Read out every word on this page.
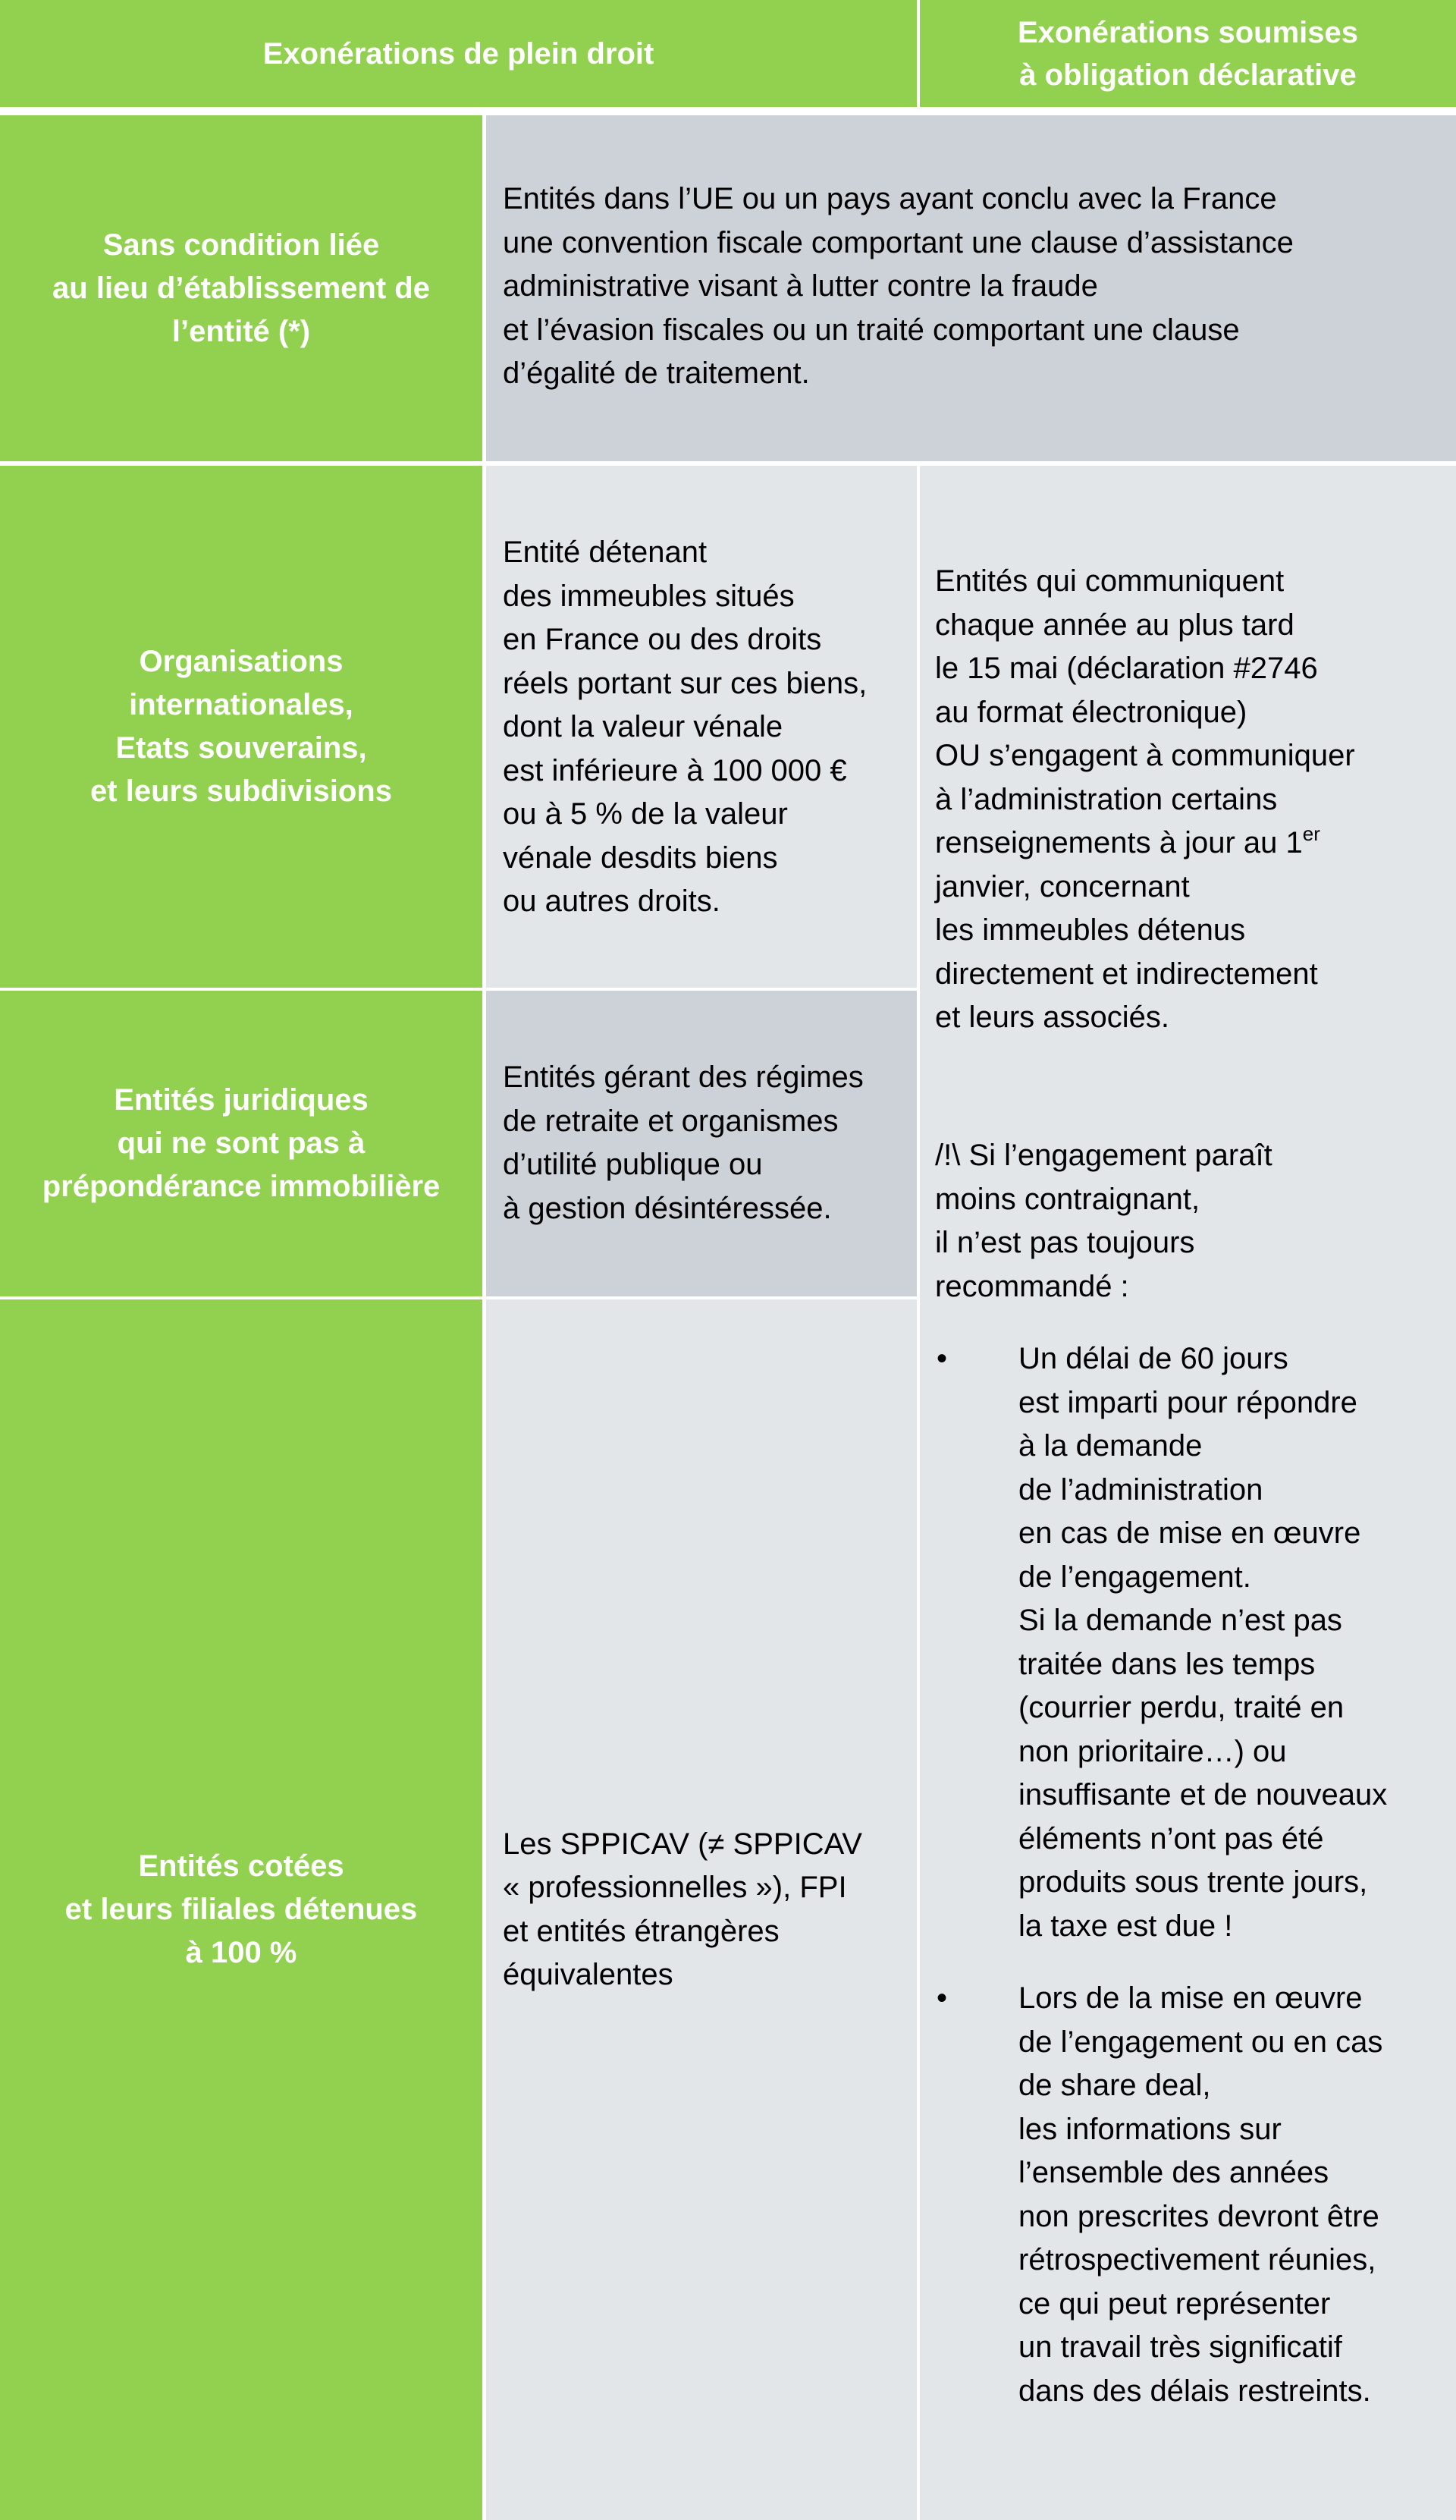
Exonérations de plein droit
Exonérations soumises
à obligation déclarative
Sans condition liée
au lieu d’établissement de
l’entité (*)
Entités dans l’UE ou un pays ayant conclu avec la France
une convention fiscale comportant une clause d’assistance
administrative visant à lutter contre la fraude
et l’évasion fiscales ou un traité comportant une clause
d’égalité de traitement.
Organisations
internationales,
Etats souverains,
et leurs subdivisions
Entité détenant
des immeubles situés
en France ou des droits
réels portant sur ces biens,
dont la valeur vénale
est inférieure à 100 000 €
ou à 5 % de la valeur
vénale desdits biens
ou autres droits.
Entités juridiques
qui ne sont pas à
prépondérance immobilière
Entités gérant des régimes
de retraite et organismes
d’utilité publique ou
à gestion désintéressée.
Entités cotées
et leurs filiales détenues
à 100 %
Les SPPICAV (≠ SPPICAV
« professionnelles »), FPI
et entités étrangères
équivalentes
Entités qui communiquent
chaque année au plus tard
le 15 mai (déclaration #2746
au format électronique)
OU s’engagent à communiquer
à l’administration certains
renseignements à jour au 1er
janvier, concernant
les immeubles détenus
directement et indirectement
et leurs associés.
/!\ Si l’engagement paraît
moins contraignant,
il n’est pas toujours
recommandé :
• Un délai de 60 jours
est imparti pour répondre
à la demande
de l’administration
en cas de mise en œuvre
de l’engagement.
Si la demande n’est pas
traitée dans les temps
(courrier perdu, traité en
non prioritaire…) ou
insuffisante et de nouveaux
éléments n’ont pas été
produits sous trente jours,
la taxe est due !
• Lors de la mise en œuvre
de l’engagement ou en cas
de share deal,
les informations sur
l’ensemble des années
non prescrites devront être
rétrospectivement réunies,
ce qui peut représenter
un travail très significatif
dans des délais restreints.
